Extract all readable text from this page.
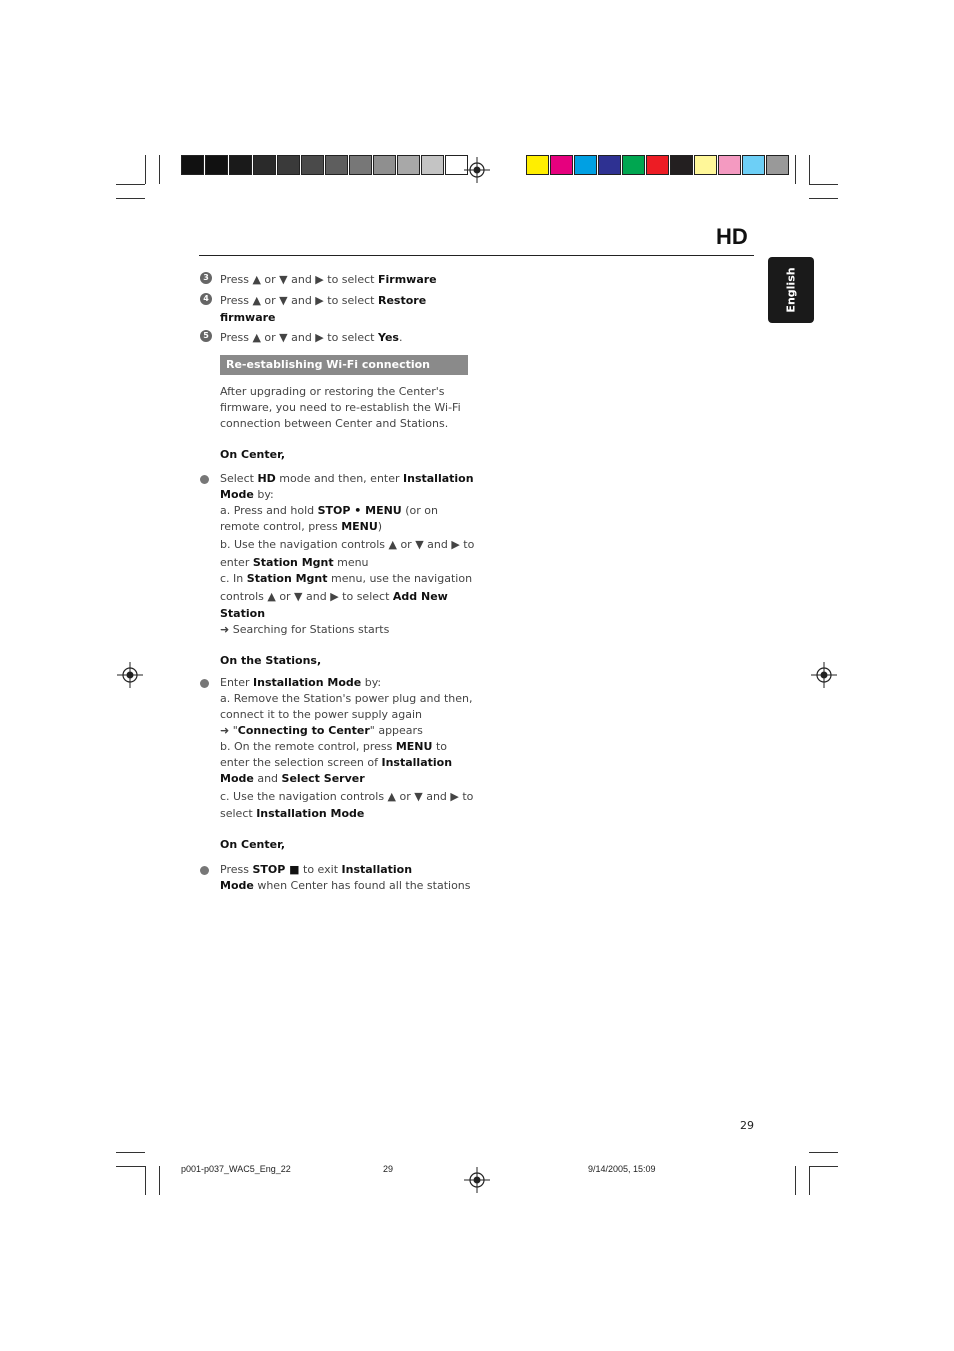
HD
English
3 Press ▲ or ▼ and ▶ to select Firmware
4 Press ▲ or ▼ and ▶ to select Restore
firmware
5 Press ▲ or ▼ and ▶ to select Yes.
Re-establishing Wi-Fi connection
After upgrading or restoring the Center's
firmware, you need to re-establish the Wi-Fi
connection between Center and Stations.
On Center,
Select HD mode and then, enter Installation
Mode by:
a. Press and hold STOP • MENU (or on
remote control, press MENU)
b. Use the navigation controls ▲ or ▼ and ▶ to
enter Station Mgnt menu
c. In Station Mgnt menu, use the navigation
controls ▲ or ▼ and ▶ to select Add New
Station
➜ Searching for Stations starts
On the Stations,
Enter Installation Mode by:
a. Remove the Station's power plug and then,
connect it to the power supply again
➜ "Connecting to Center" appears
b. On the remote control, press MENU to
enter the selection screen of Installation
Mode and Select Server
c. Use the navigation controls ▲ or ▼ and ▶ to
select Installation Mode
On Center,
Press STOP ■ to exit Installation
Mode when Center has found all the stations
29
p001-p037_WAC5_Eng_22	29	9/14/2005, 15:09
